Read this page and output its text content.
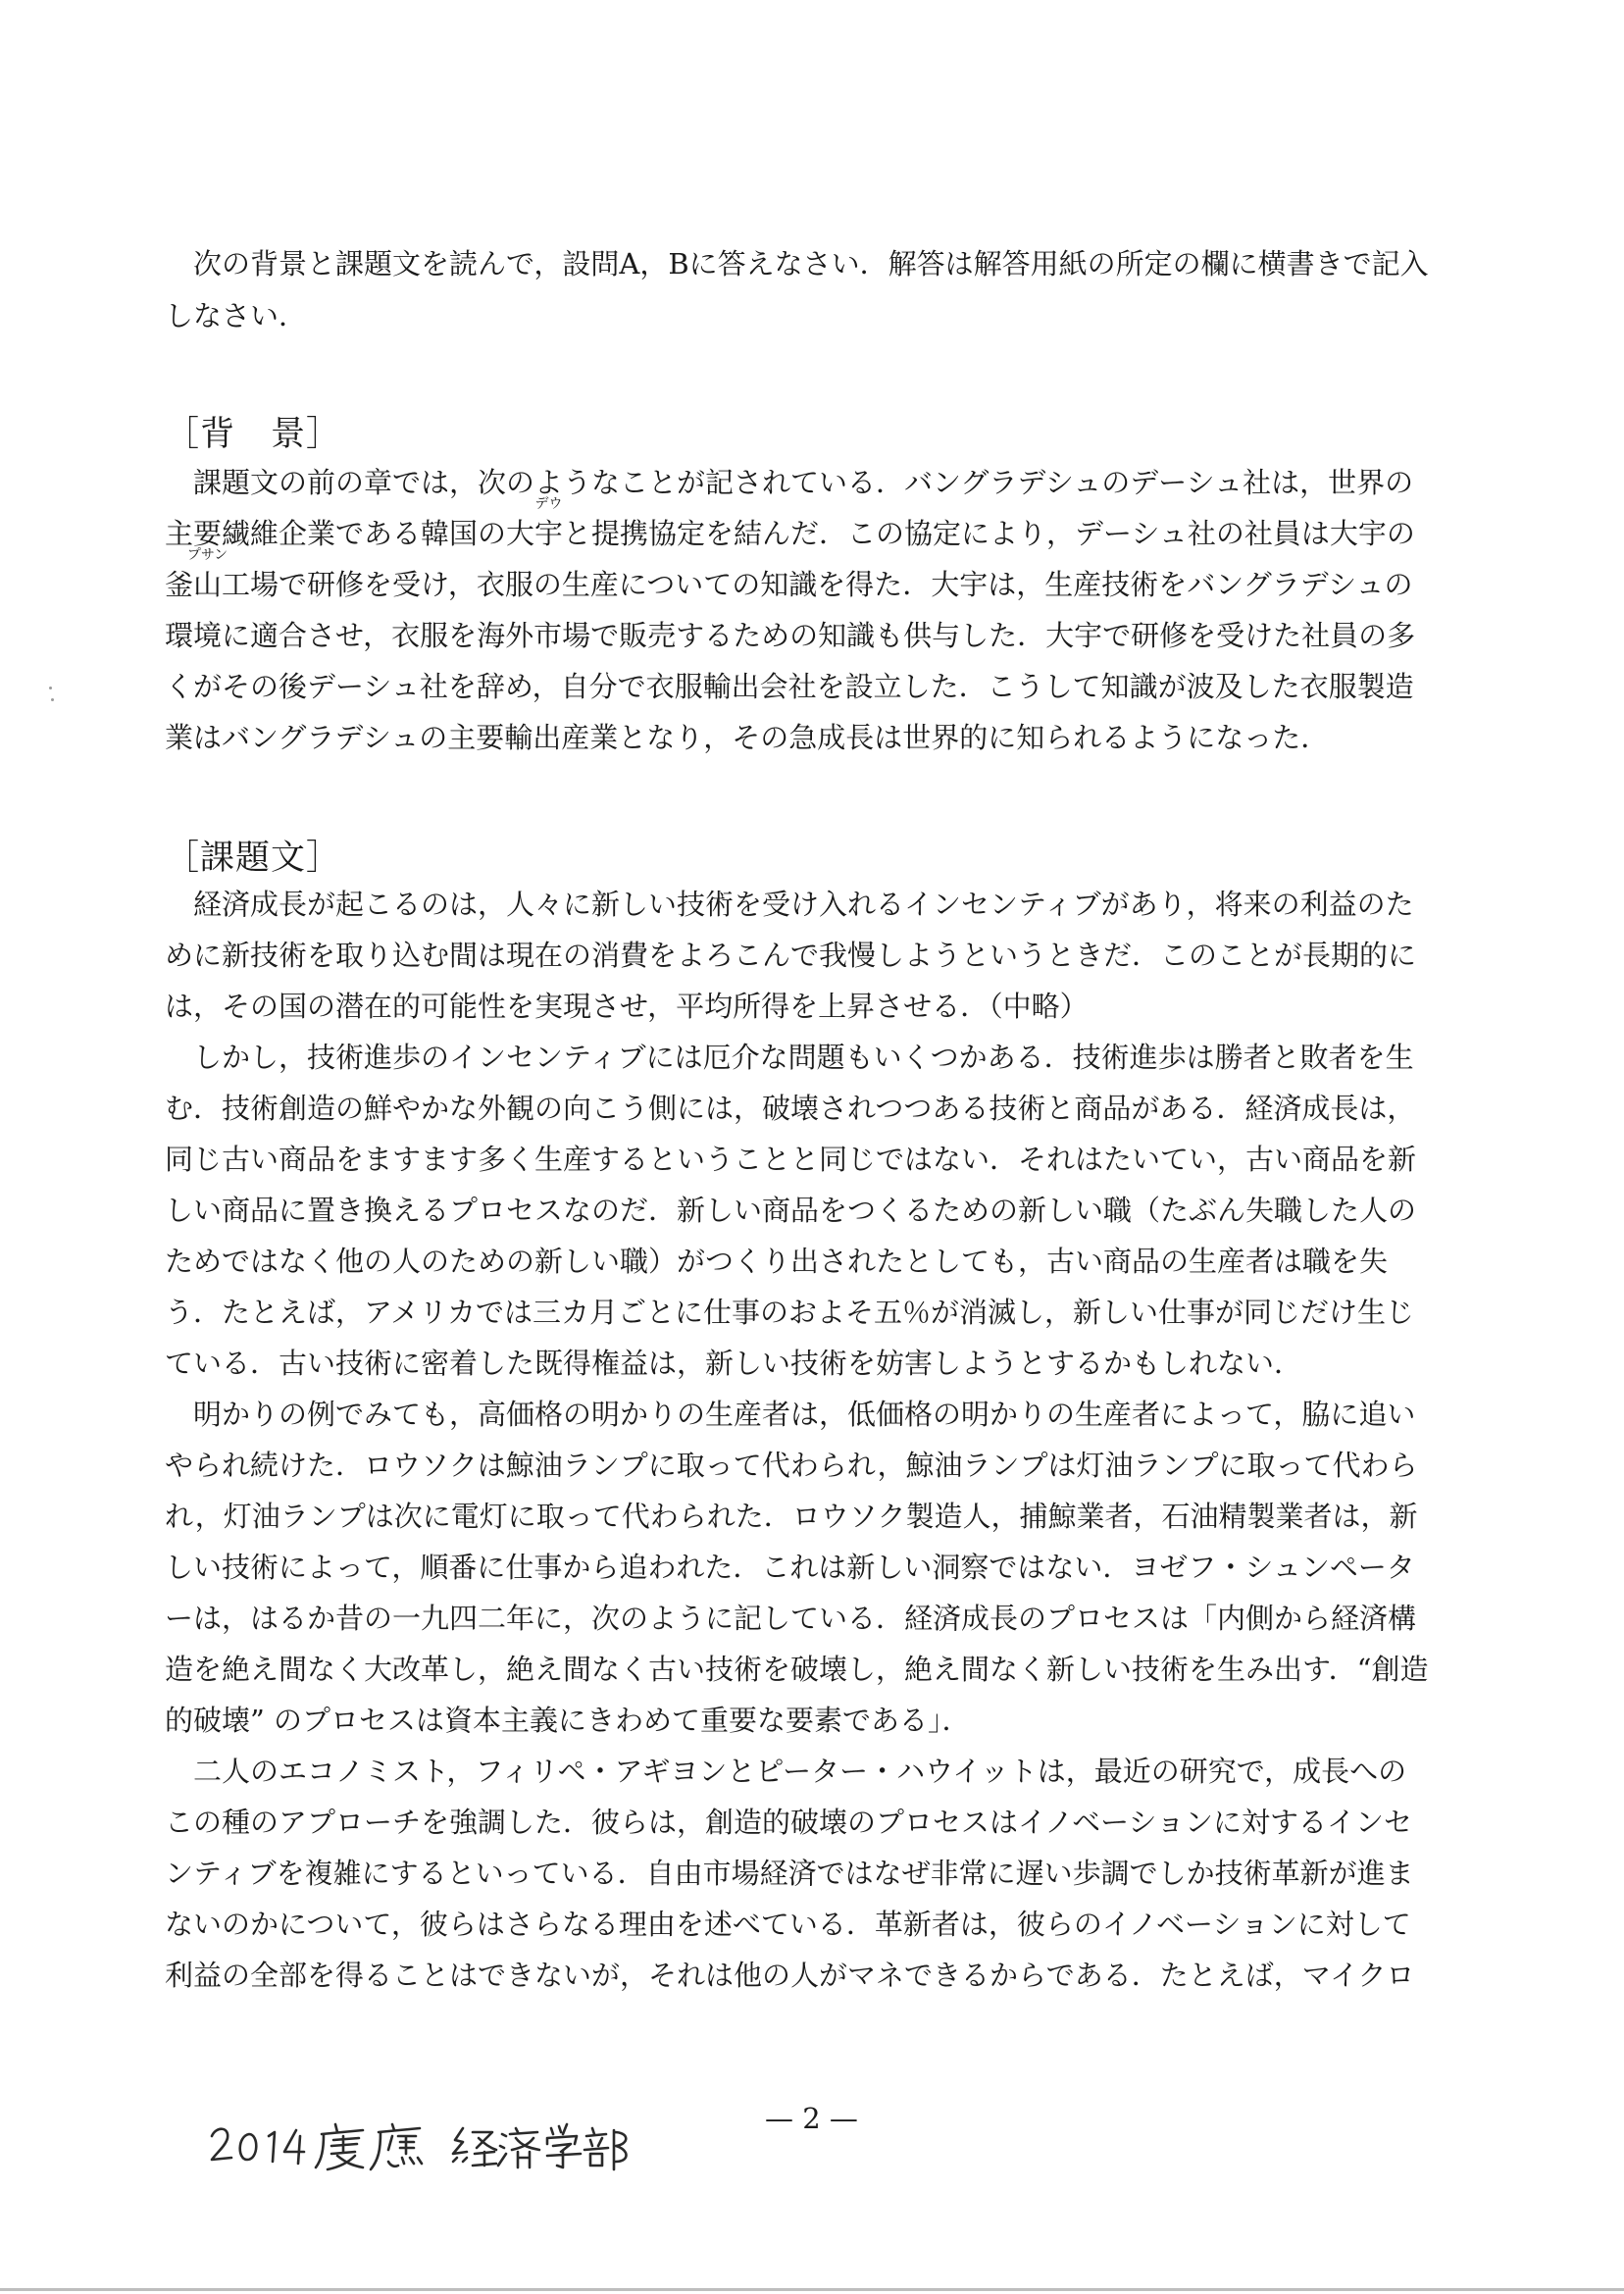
次の背景と課題文を読んで，設問A，Bに答えなさい．解答は解答用紙の所定の欄に横書きで記入しなさい．

［背　景］

課題文の前の章では，次のようなことが記されている．バングラデシュのデーシュ社は，世界の主要繊維企業である韓国の大宇
デウ
と提携協定を結んだ．この協定により，デーシュ社の社員は大宇の釜山
プサン
工場で研修を受け，衣服の生産についての知識を得た．大宇は，生産技術をバングラデシュの環境に適合させ，衣服を海外市場で販売するための知識も供与した．大宇で研修を受けた社員の多くがその後デーシュ社を辞め，自分で衣服輸出会社を設立した．こうして知識が波及した衣服製造業はバングラデシュの主要輸出産業となり，その急成長は世界的に知られるようになった．

［課題文］

経済成長が起こるのは，人々に新しい技術を受け入れるインセンティブがあり，将来の利益のために新技術を取り込む間は現在の消費をよろこんで我慢しようというときだ．このことが長期的には，その国の潜在的可能性を実現させ，平均所得を上昇させる．（中略）

しかし，技術進歩のインセンティブには厄介な問題もいくつかある．技術進歩は勝者と敗者を生む．技術創造の鮮やかな外観の向こう側には，破壊されつつある技術と商品がある．経済成長は，同じ古い商品をますます多く生産するということと同じではない．それはたいてい，古い商品を新しい商品に置き換えるプロセスなのだ．新しい商品をつくるための新しい職（たぶん失職した人のためではなく他の人のための新しい職）がつくり出されたとしても，古い商品の生産者は職を失う．たとえば，アメリカでは三カ月ごとに仕事のおよそ五％が消滅し，新しい仕事が同じだけ生じている．古い技術に密着した既得権益は，新しい技術を妨害しようとするかもしれない．

明かりの例でみても，高価格の明かりの生産者は，低価格の明かりの生産者によって，脇に追いやられ続けた．ロウソクは鯨油ランプに取って代わられ，鯨油ランプは灯油ランプに取って代わられ，灯油ランプは次に電灯に取って代わられた．ロウソク製造人，捕鯨業者，石油精製業者は，新しい技術によって，順番に仕事から追われた．これは新しい洞察ではない．ヨゼフ・シュンペーターは，はるか昔の一九四二年に，次のように記している．経済成長のプロセスは「内側から経済構造を絶え間なく大改革し，絶え間なく古い技術を破壊し，絶え間なく新しい技術を生み出す．“創造的破壊” のプロセスは資本主義にきわめて重要な要素である」．

二人のエコノミスト，フィリペ・アギヨンとピーター・ハウイットは，最近の研究で，成長へのこの種のアプローチを強調した．彼らは，創造的破壊のプロセスはイノベーションに対するインセンティブを複雑にするといっている．自由市場経済ではなぜ非常に遅い歩調でしか技術革新が進まないのかについて，彼らはさらなる理由を述べている．革新者は，彼らのイノベーションに対して利益の全部を得ることはできないが，それは他の人がマネできるからである．たとえば，マイクロ

— 2 —
